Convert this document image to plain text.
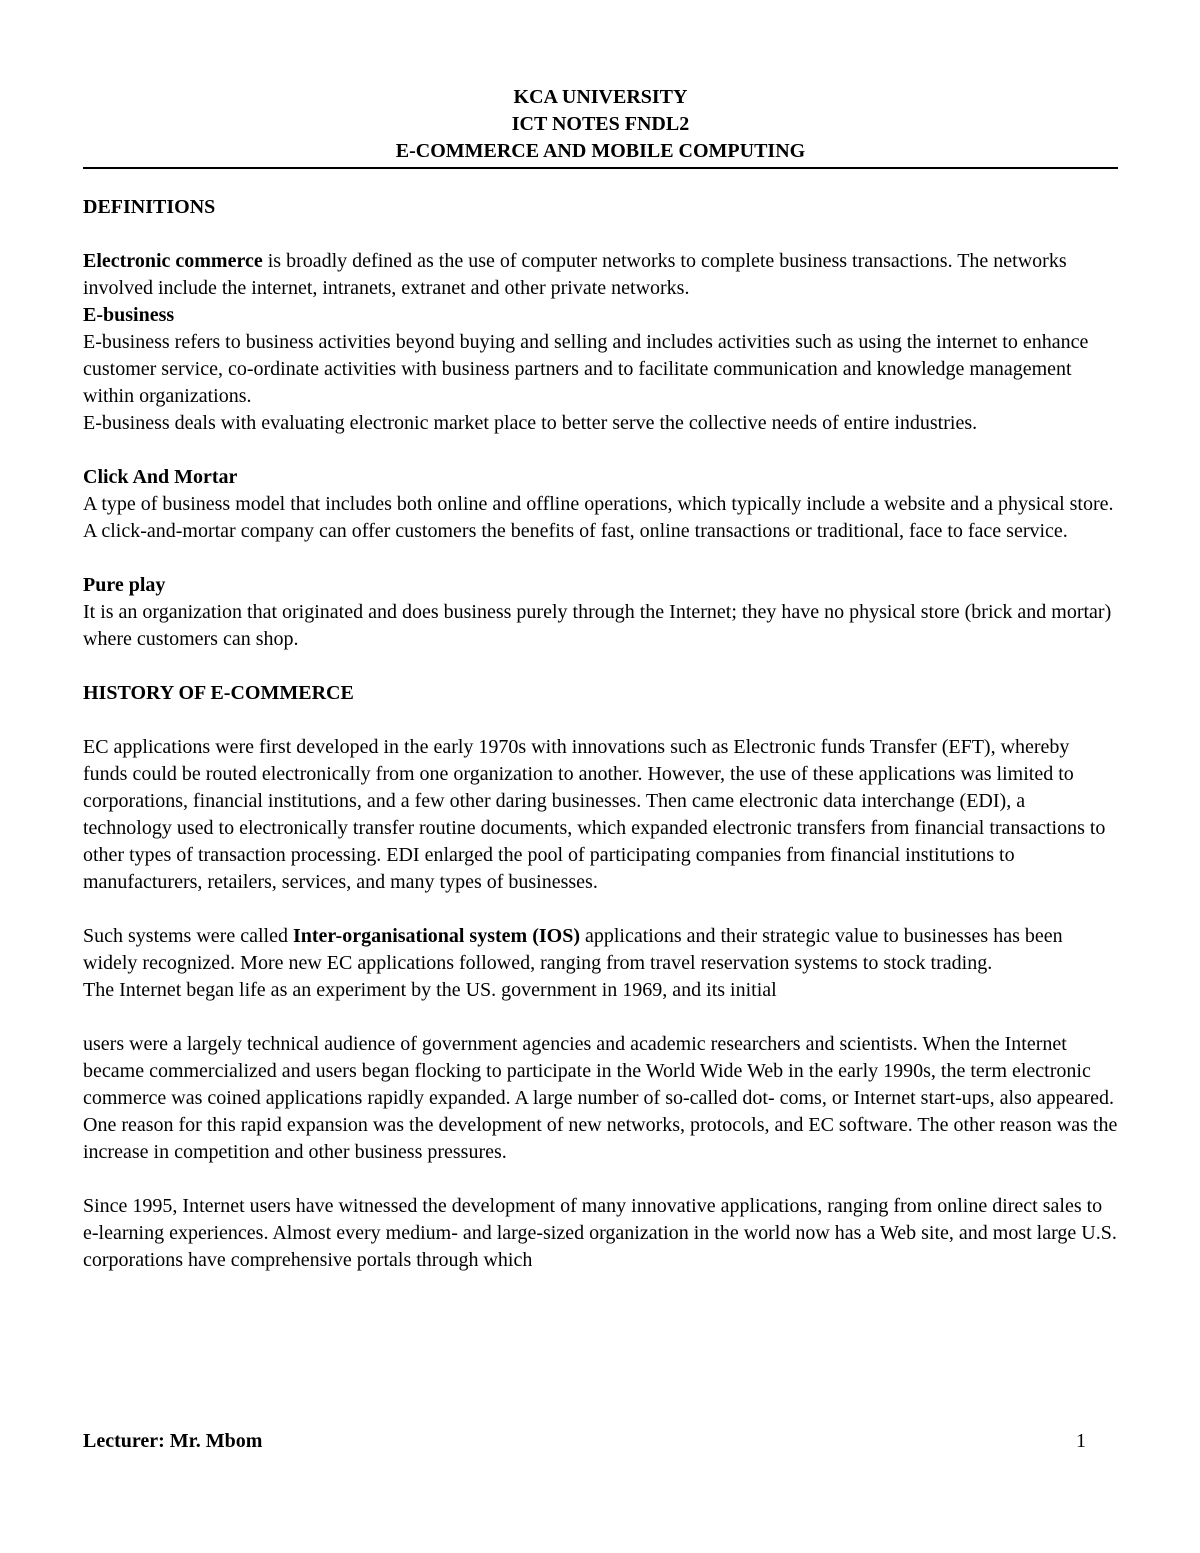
KCA UNIVERSITY
ICT NOTES FNDL2
E-COMMERCE AND MOBILE COMPUTING
DEFINITIONS

Electronic commerce is broadly defined as the use of computer networks to complete business transactions. The networks involved include the internet, intranets, extranet and other private networks.

E-business

E-business refers to business activities beyond buying and selling and includes activities such as using the internet to enhance customer service, co-ordinate activities with business partners and to facilitate communication and knowledge management within organizations.

E-business deals with evaluating electronic market place to better serve the collective needs of entire industries.

Click And Mortar

A type of business model that includes both online and offline operations, which typically include a website and a physical store. A click-and-mortar company can offer customers the benefits of fast, online transactions or traditional, face to face service.

Pure play

It is an organization that originated and does business purely through the Internet; they have no physical store (brick and mortar) where customers can shop.

HISTORY OF E-COMMERCE

EC applications were first developed in the early 1970s with innovations such as Electronic funds Transfer (EFT), whereby funds could be routed electronically from one organization to another. However, the use of these applications was limited to corporations, financial institutions, and a few other daring businesses. Then came electronic data interchange (EDI), a technology used to electronically transfer routine documents, which expanded electronic transfers from financial transactions to other types of transaction processing. EDI enlarged the pool of participating companies from financial institutions to manufacturers, retailers, services, and many types of businesses.

Such systems were called Inter-organisational system (IOS) applications and their strategic value to businesses has been widely recognized. More new EC applications followed, ranging from travel reservation systems to stock trading.

The Internet began life as an experiment by the US. government in 1969, and its initial

users were a largely technical audience of government agencies and academic researchers and scientists. When the Internet became commercialized and users began flocking to participate in the World Wide Web in the early 1990s, the term electronic commerce was coined applications rapidly expanded. A large number of so-called dot- coms, or Internet start-ups, also appeared. One reason for this rapid expansion was the development of new networks, protocols, and EC software. The other reason was the increase in competition and other business pressures.

Since 1995, Internet users have witnessed the development of many innovative applications, ranging from online direct sales to e-learning experiences. Almost every medium- and large-sized organization in the world now has a Web site, and most large U.S. corporations have comprehensive portals through which

Lecturer: Mr. Mbom	1
